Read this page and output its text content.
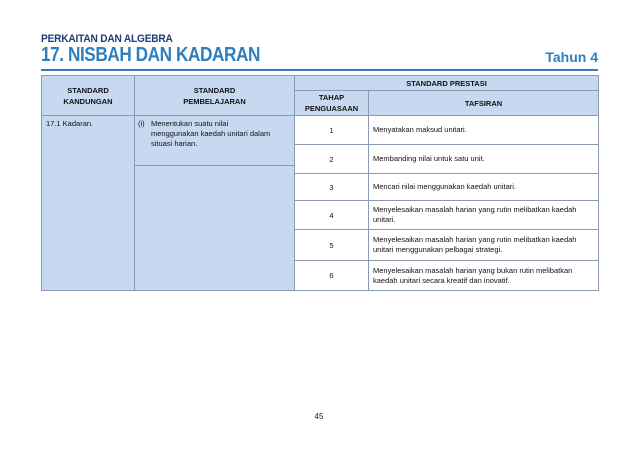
PERKAITAN DAN ALGEBRA
17. NISBAH DAN KADARAN	Tahun 4
STANDARD KANDUNGAN	STANDARD PEMBELAJARAN	STANDARD PRESTASI	
		TAHAP PENGUASAAN	TAFSIRAN
17.1 Kadaran.	(i) Menentukan suatu nilai menggunakan kaedah unitari dalam situasi harian.	1	Menyatakan maksud unitari.
		2	Membanding nilai untuk satu unit.
		3	Mencari nilai menggunakan kaedah unitari.
		4	Menyelesaikan masalah harian yang rutin melibatkan kaedah unitari.
		5	Menyelesaikan masalah harian yang rutin melibatkan kaedah unitari menggunakan pelbagai strategi.
		6	Menyelesaikan masalah harian yang bukan rutin melibatkan kaedah unitari secara kreatif dan inovatif.
45
